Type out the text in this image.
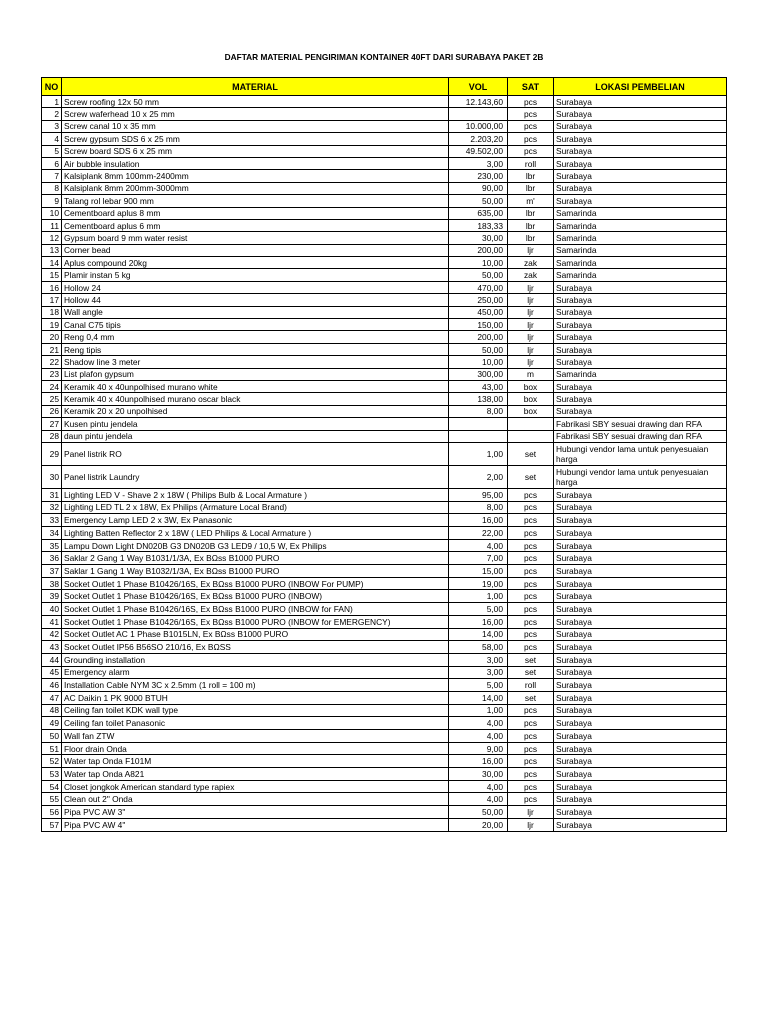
DAFTAR MATERIAL PENGIRIMAN KONTAINER 40FT DARI SURABAYA PAKET 2B
NO	MATERIAL	VOL	SAT	LOKASI PEMBELIAN
1	Screw roofing 12x 50 mm	12.143,60	pcs	Surabaya
2	Screw waferhead 10 x 25 mm		pcs	Surabaya
3	Screw canal 10 x 35 mm	10.000,00	pcs	Surabaya
4	Screw gypsum SDS 6 x 25 mm	2.203,20	pcs	Surabaya
5	Screw board SDS 6 x 25 mm	49.502,00	pcs	Surabaya
6	Air bubble insulation	3,00	roll	Surabaya
7	Kalsiplank 8mm 100mm-2400mm	230,00	lbr	Surabaya
8	Kalsiplank 8mm 200mm-3000mm	90,00	lbr	Surabaya
9	Talang rol lebar 900 mm	50,00	m'	Surabaya
10	Cementboard aplus 8 mm	635,00	lbr	Samarinda
11	Cementboard aplus 6 mm	183,33	lbr	Samarinda
12	Gypsum board 9 mm water resist	30,00	lbr	Samarinda
13	Corner bead	200,00	ljr	Samarinda
14	Aplus compound 20kg	10,00	zak	Samarinda
15	Plamir instan 5 kg	50,00	zak	Samarinda
16	Hollow 24	470,00	ljr	Surabaya
17	Hollow 44	250,00	ljr	Surabaya
18	Wall angle	450,00	ljr	Surabaya
19	Canal C75 tipis	150,00	ljr	Surabaya
20	Reng 0,4 mm	200,00	ljr	Surabaya
21	Reng tipis	50,00	ljr	Surabaya
22	Shadow line 3 meter	10,00	ljr	Surabaya
23	List plafon gypsum	300,00	m	Samarinda
24	Keramik 40 x 40unpolhised murano white	43,00	box	Surabaya
25	Keramik 40 x 40unpolhised murano oscar black	138,00	box	Surabaya
26	Keramik 20 x 20 unpolhised	8,00	box	Surabaya
27	Kusen pintu jendela			Fabrikasi SBY sesuai drawing dan RFA
28	daun pintu jendela			Fabrikasi SBY sesuai drawing dan RFA
29	Panel listrik RO	1,00	set	Hubungi vendor lama untuk penyesuaian harga
30	Panel listrik Laundry	2,00	set	Hubungi vendor lama untuk penyesuaian harga
31	Lighting LED V - Shave 2 x 18W ( Philips Bulb & Local Armature )	95,00	pcs	Surabaya
32	Lighting LED TL 2 x 18W, Ex Philips (Armature Local Brand)	8,00	pcs	Surabaya
33	Emergency Lamp LED 2 x 3W, Ex Panasonic	16,00	pcs	Surabaya
34	Lighting Batten Reflector 2 x 18W ( LED Philips & Local Armature )	22,00	pcs	Surabaya
35	Lampu Down Light DN020B G3 DN020B G3 LED9 / 10,5 W, Ex Philips	4,00	pcs	Surabaya
36	Saklar 2 Gang 1 Way B1031/1/3A, Ex BΩss B1000 PURO	7,00	pcs	Surabaya
37	Saklar 1 Gang 1 Way B1032/1/3A, Ex BΩss B1000 PURO	15,00	pcs	Surabaya
38	Socket Outlet 1 Phase B10426/16S, Ex BΩss B1000 PURO (INBOW For PUMP)	19,00	pcs	Surabaya
39	Socket Outlet 1 Phase B10426/16S, Ex BΩss B1000 PURO (INBOW)	1,00	pcs	Surabaya
40	Socket Outlet 1 Phase B10426/16S, Ex BΩss B1000 PURO (INBOW for FAN)	5,00	pcs	Surabaya
41	Socket Outlet 1 Phase B10426/16S, Ex BΩss B1000 PURO (INBOW for EMERGENCY)	16,00	pcs	Surabaya
42	Socket Outlet AC 1 Phase B1015LN, Ex BΩss B1000 PURO	14,00	pcs	Surabaya
43	Socket Outlet IP56 B56SO 210/16, Ex BΩSS	58,00	pcs	Surabaya
44	Grounding installation	3,00	set	Surabaya
45	Emergency alarm	3,00	set	Surabaya
46	Installation Cable NYM 3C x 2.5mm (1 roll = 100 m)	5,00	roll	Surabaya
47	AC Daikin 1 PK 9000 BTUH	14,00	set	Surabaya
48	Ceiling fan toilet KDK wall type	1,00	pcs	Surabaya
49	Ceiling fan toilet Panasonic	4,00	pcs	Surabaya
50	Wall fan ZTW	4,00	pcs	Surabaya
51	Floor drain Onda	9,00	pcs	Surabaya
52	Water tap Onda F101M	16,00	pcs	Surabaya
53	Water tap Onda A821	30,00	pcs	Surabaya
54	Closet jongkok American standard type rapiex	4,00	pcs	Surabaya
55	Clean out 2" Onda	4,00	pcs	Surabaya
56	Pipa PVC AW 3"	50,00	ljr	Surabaya
57	Pipa PVC AW 4"	20,00	ljr	Surabaya
